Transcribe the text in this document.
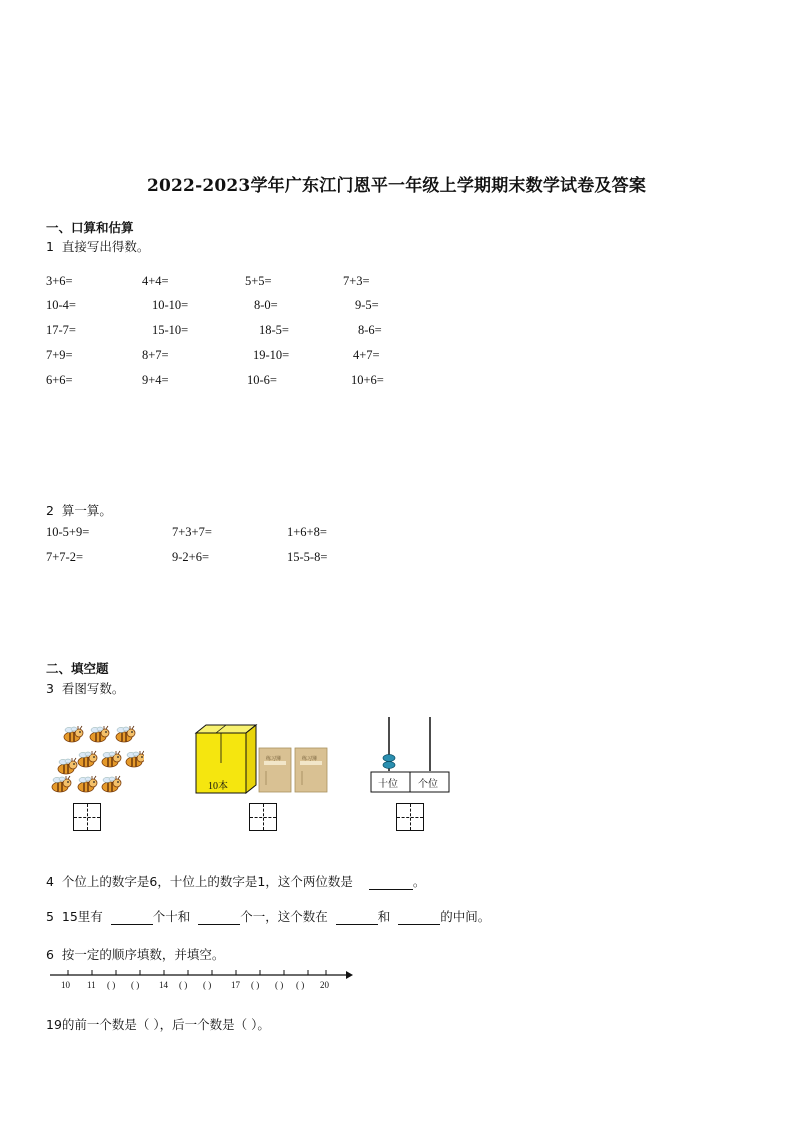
2022-2023学年广东江门恩平一年级上学期期末数学试卷及答案
一、口算和估算
1 直接写出得数。
3+6=	4+4=	5+5=	7+3=
10-4=	10-10=	8-0=	9-5=
17-7=	15-10=	18-5=	8-6=
7+9=	8+7=	19-10=	4+7=
6+6=	9+4=	10-6=	10+6=
2 算一算。
10-5+9=	7+3+7=	1+6+8=
7+7-2=	9-2+6=	15-5-8=
二、填空题
3 看图写数。
10本
练习簿	练习簿
十位 个位
4 个位上的数字是6，十位上的数字是1，这个两位数是	。
5 15里有	个十和	个一，这个数在	和	的中间。
6 按一定的顺序填数，并填空。
10 11 ( ) ( ) 14 ( ) ( ) 17 ( ) ( ) ( ) 20
19的前一个数是（ ），后一个数是（ ）。
